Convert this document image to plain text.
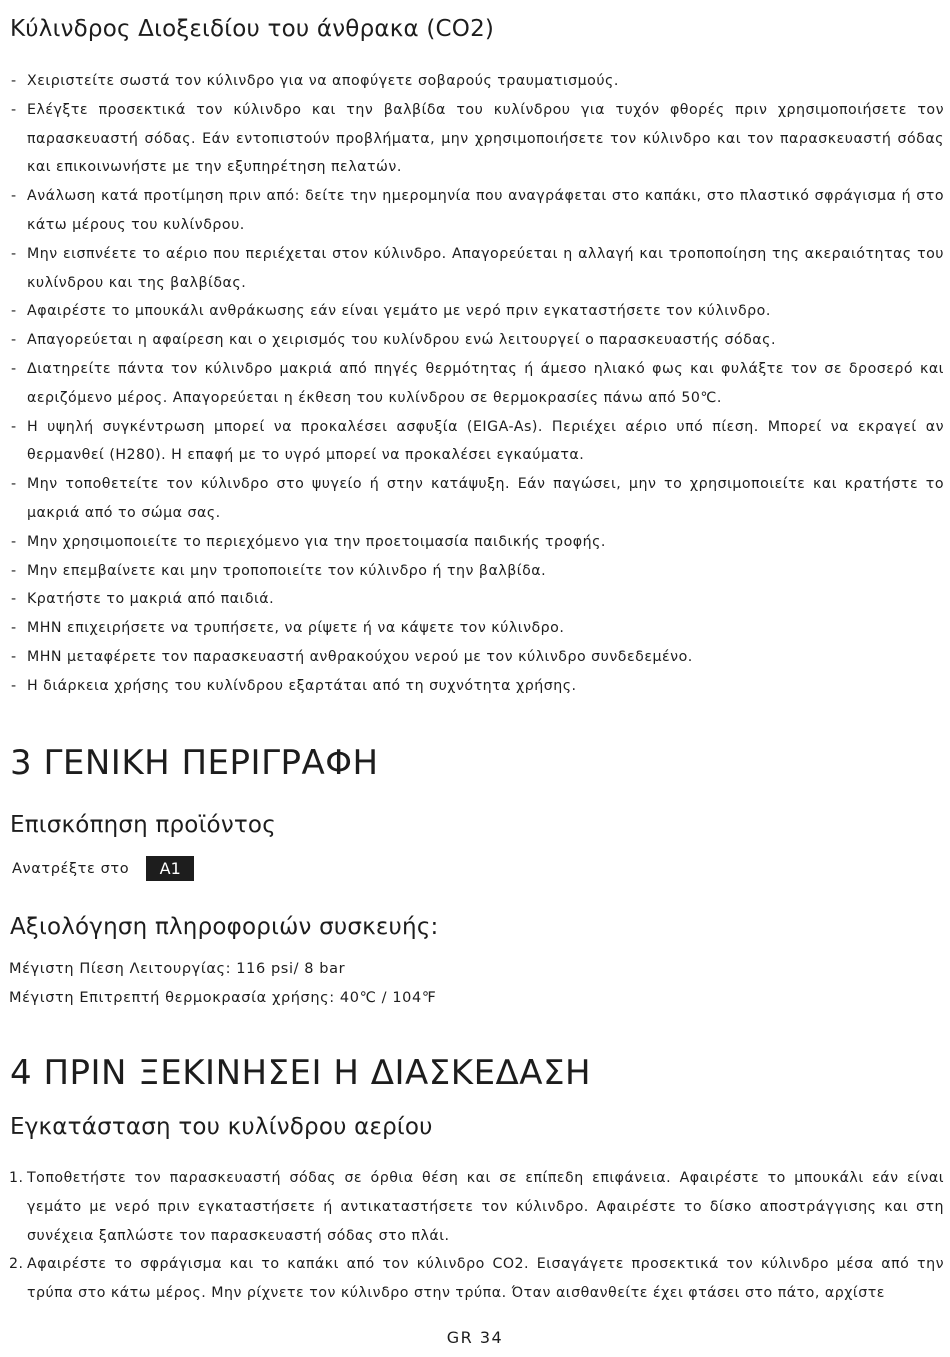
Κύλινδρος Διοξειδίου του άνθρακα (CO2)
- Χειριστείτε σωστά τον κύλινδρο για να αποφύγετε σοβαρούς τραυματισμούς.
- Ελέγξτε προσεκτικά τον κύλινδρο και την βαλβίδα του κυλίνδρου για τυχόν φθορές πριν χρησιμοποιήσετε τον παρασκευαστή σόδας. Εάν εντοπιστούν προβλήματα, μην χρησιμοποιήσετε τον κύλινδρο και τον παρασκευαστή σόδας και επικοινωνήστε με την εξυπηρέτηση πελατών.
- Ανάλωση κατά προτίμηση πριν από: δείτε την ημερομηνία που αναγράφεται στο καπάκι, στο πλαστικό σφράγισμα ή στο κάτω μέρους του κυλίνδρου.
- Μην εισπνέετε το αέριο που περιέχεται στον κύλινδρο. Απαγορεύεται η αλλαγή και τροποποίηση της ακεραιότητας του κυλίνδρου και της βαλβίδας.
- Αφαιρέστε το μπουκάλι ανθράκωσης εάν είναι γεμάτο με νερό πριν εγκαταστήσετε τον κύλινδρο.
- Απαγορεύεται η αφαίρεση και ο χειρισμός του κυλίνδρου ενώ λειτουργεί ο παρασκευαστής σόδας.
- Διατηρείτε πάντα τον κύλινδρο μακριά από πηγές θερμότητας ή άμεσο ηλιακό φως και φυλάξτε τον σε δροσερό και αεριζόμενο μέρος. Απαγορεύεται η έκθεση του κυλίνδρου σε θερμοκρασίες πάνω από 50℃.
- Η υψηλή συγκέντρωση μπορεί να προκαλέσει ασφυξία (EIGA-As). Περιέχει αέριο υπό πίεση. Μπορεί να εκραγεί αν θερμανθεί (H280). Η επαφή με το υγρό μπορεί να προκαλέσει εγκαύματα.
- Μην τοποθετείτε τον κύλινδρο στο ψυγείο ή στην κατάψυξη. Εάν παγώσει, μην το χρησιμοποιείτε και κρατήστε το μακριά από το σώμα σας.
- Μην χρησιμοποιείτε το περιεχόμενο για την προετοιμασία παιδικής τροφής.
- Μην επεμβαίνετε και μην τροποποιείτε τον κύλινδρο ή την βαλβίδα.
- Κρατήστε το μακριά από παιδιά.
- ΜΗΝ επιχειρήσετε να τρυπήσετε, να ρίψετε ή να κάψετε τον κύλινδρο.
- ΜΗΝ μεταφέρετε τον παρασκευαστή ανθρακούχου νερού με τον κύλινδρο συνδεδεμένο.
- Η διάρκεια χρήσης του κυλίνδρου εξαρτάται από τη συχνότητα χρήσης.
3 ΓΕΝΙΚΗ ΠΕΡΙΓΡΑΦΗ
Επισκόπηση προϊόντος
Ανατρέξτε στο	A1
Αξιολόγηση πληροφοριών συσκευής:

Μέγιστη Πίεση Λειτουργίας: 116 psi/ 8 bar

Μέγιστη Επιτρεπτή θερμοκρασία χρήσης: 40℃ / 104℉

4 ΠΡΙΝ ΞΕΚΙΝΗΣΕΙ Η ΔΙΑΣΚΕΔΑΣΗ
Εγκατάσταση του κυλίνδρου αερίου
1. Τοποθετήστε τον παρασκευαστή σόδας σε όρθια θέση και σε επίπεδη επιφάνεια. Αφαιρέστε το μπουκάλι εάν είναι γεμάτο με νερό πριν εγκαταστήσετε ή αντικαταστήσετε τον κύλινδρο. Αφαιρέστε το δίσκο αποστράγγισης και στη συνέχεια ξαπλώστε τον παρασκευαστή σόδας στο πλάι.
2. Αφαιρέστε το σφράγισμα και το καπάκι από τον κύλινδρο CO2. Εισαγάγετε προσεκτικά τον κύλινδρο μέσα από την τρύπα στο κάτω μέρος. Μην ρίχνετε τον κύλινδρο στην τρύπα. Όταν αισθανθείτε έχει φτάσει στο πάτο, αρχίστε
GR 34
